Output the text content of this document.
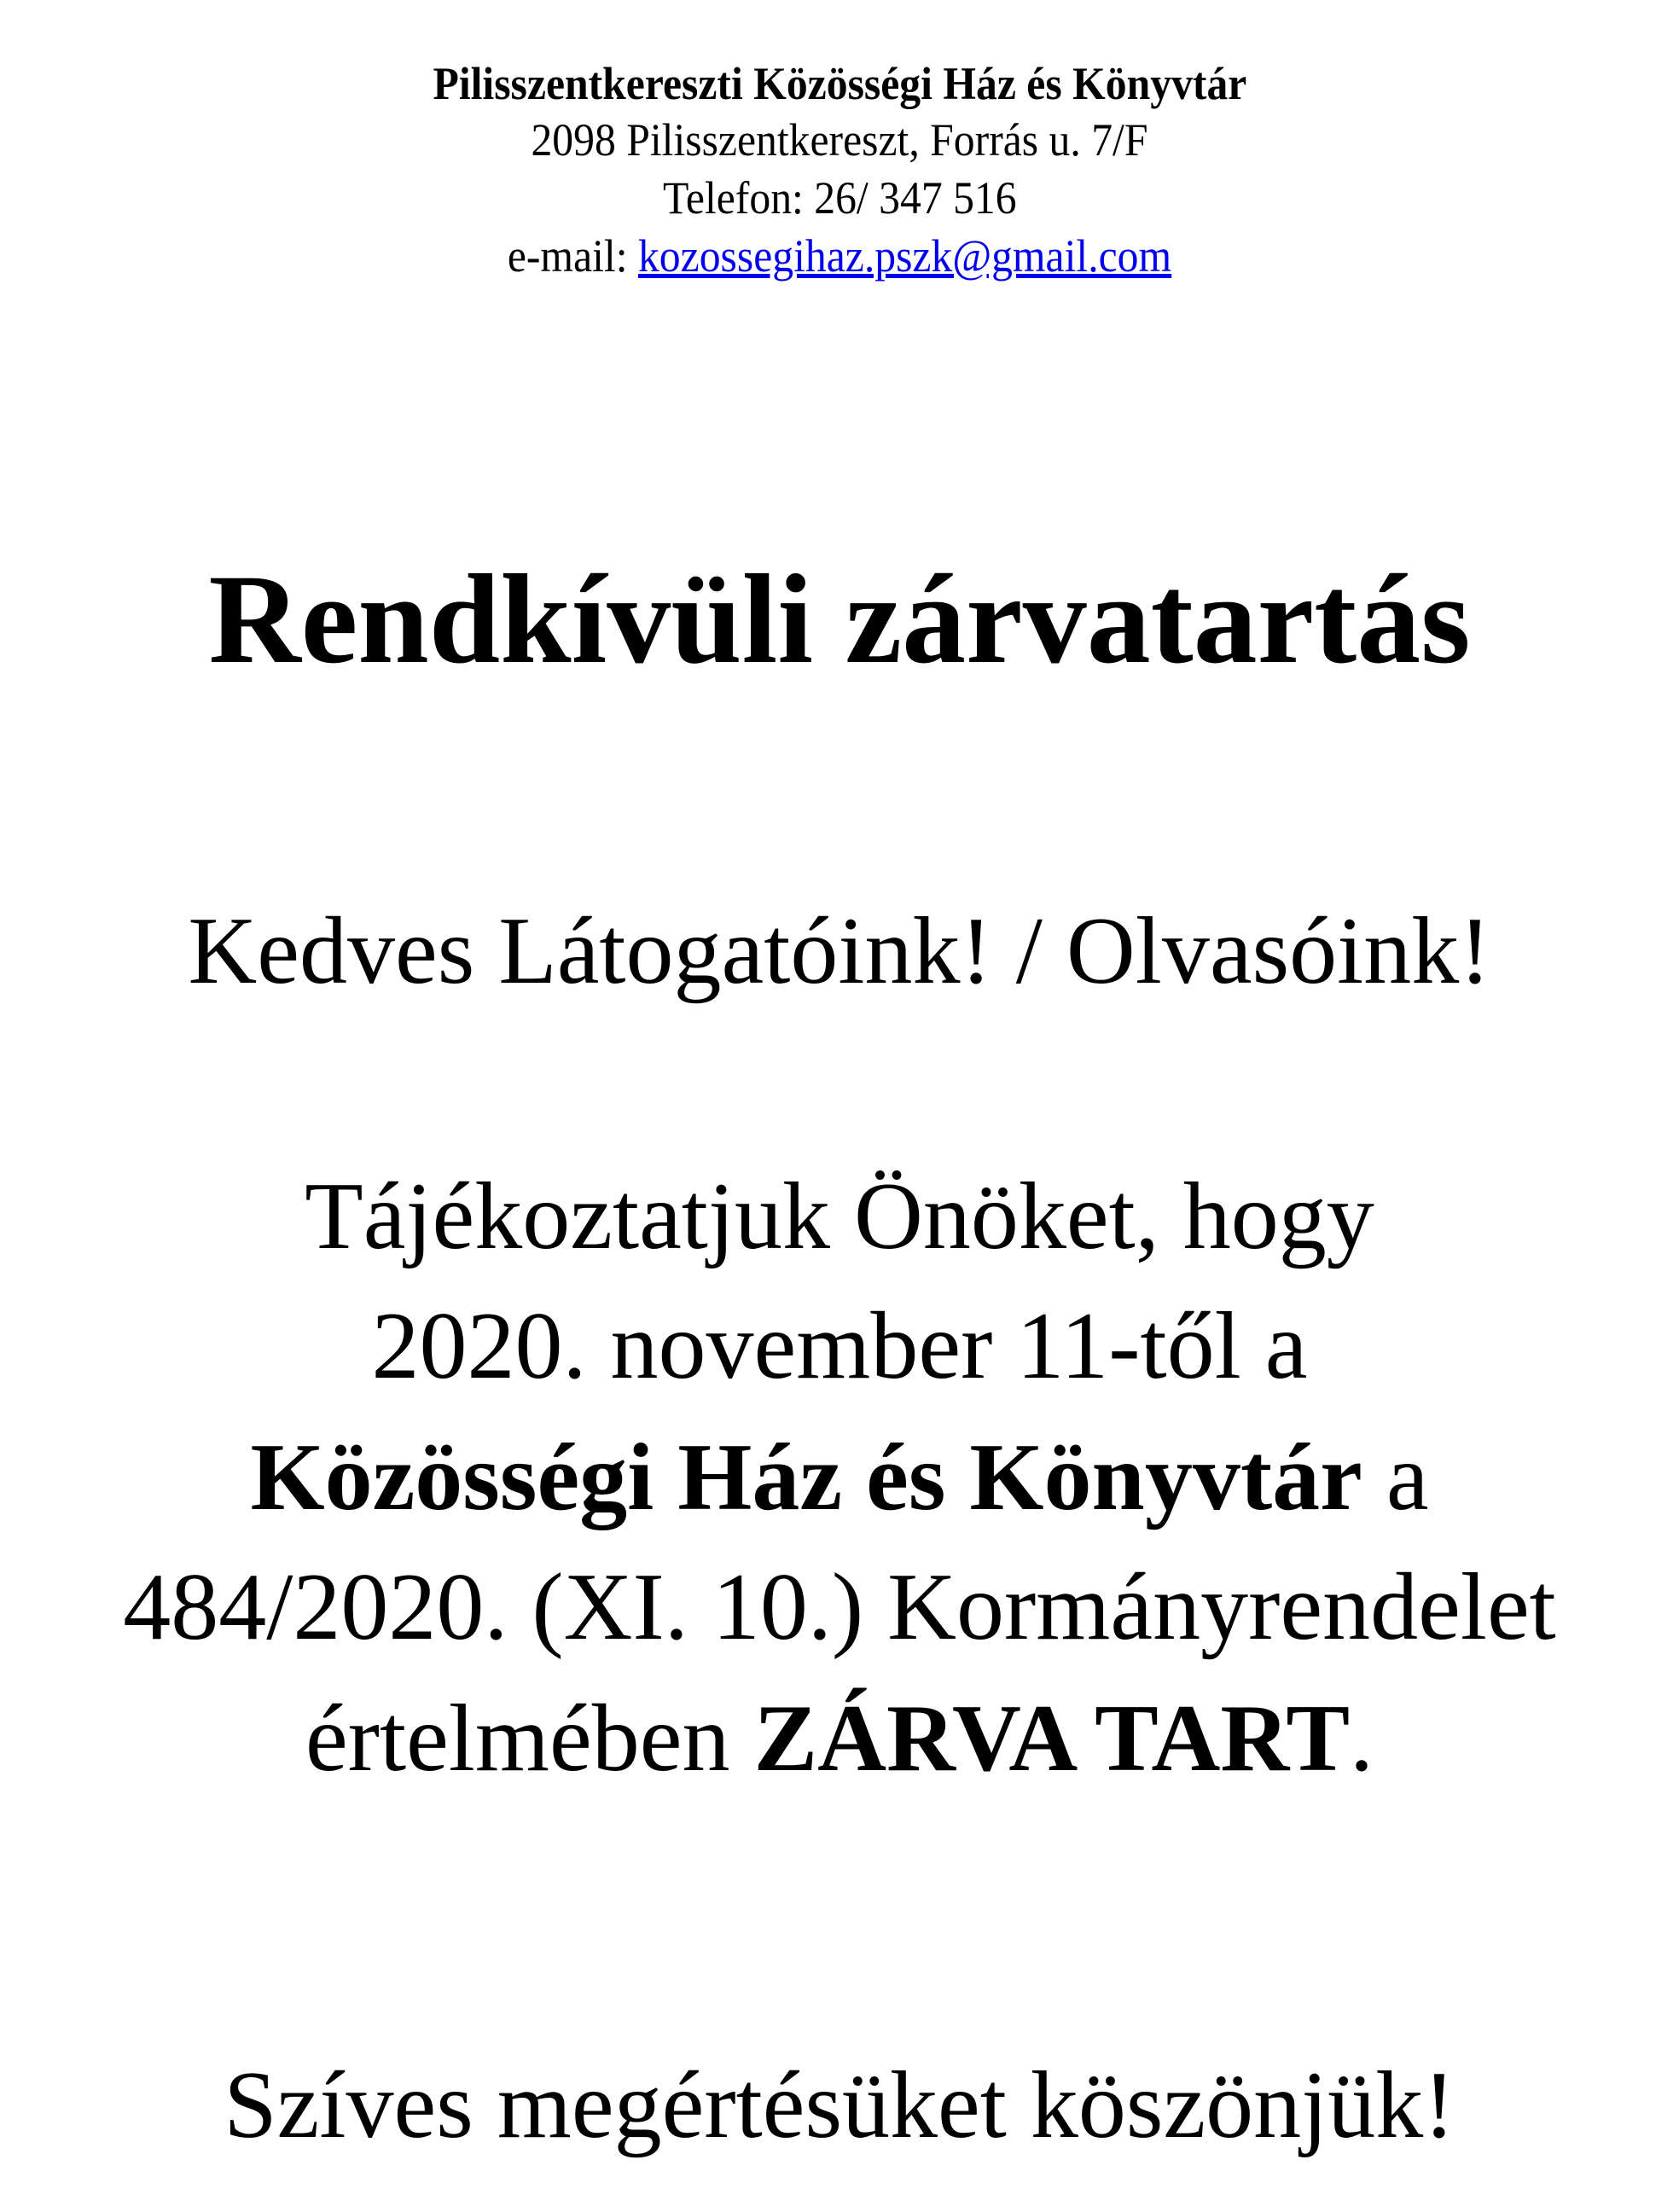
Pilisszentkereszti Közösségi Ház és Könyvtár
2098 Pilisszentkereszt, Forrás u. 7/F
Telefon: 26/ 347 516
e-mail: kozossegihaz.pszk@gmail.com
Rendkívüli zárvatartás
Kedves Látogatóink! / Olvasóink!
Tájékoztatjuk Önöket, hogy
2020. november 11-től a
Közösségi Ház és Könyvtár a
484/2020. (XI. 10.) Kormányrendelet
értelmében ZÁRVA TART.
Szíves megértésüket köszönjük!
